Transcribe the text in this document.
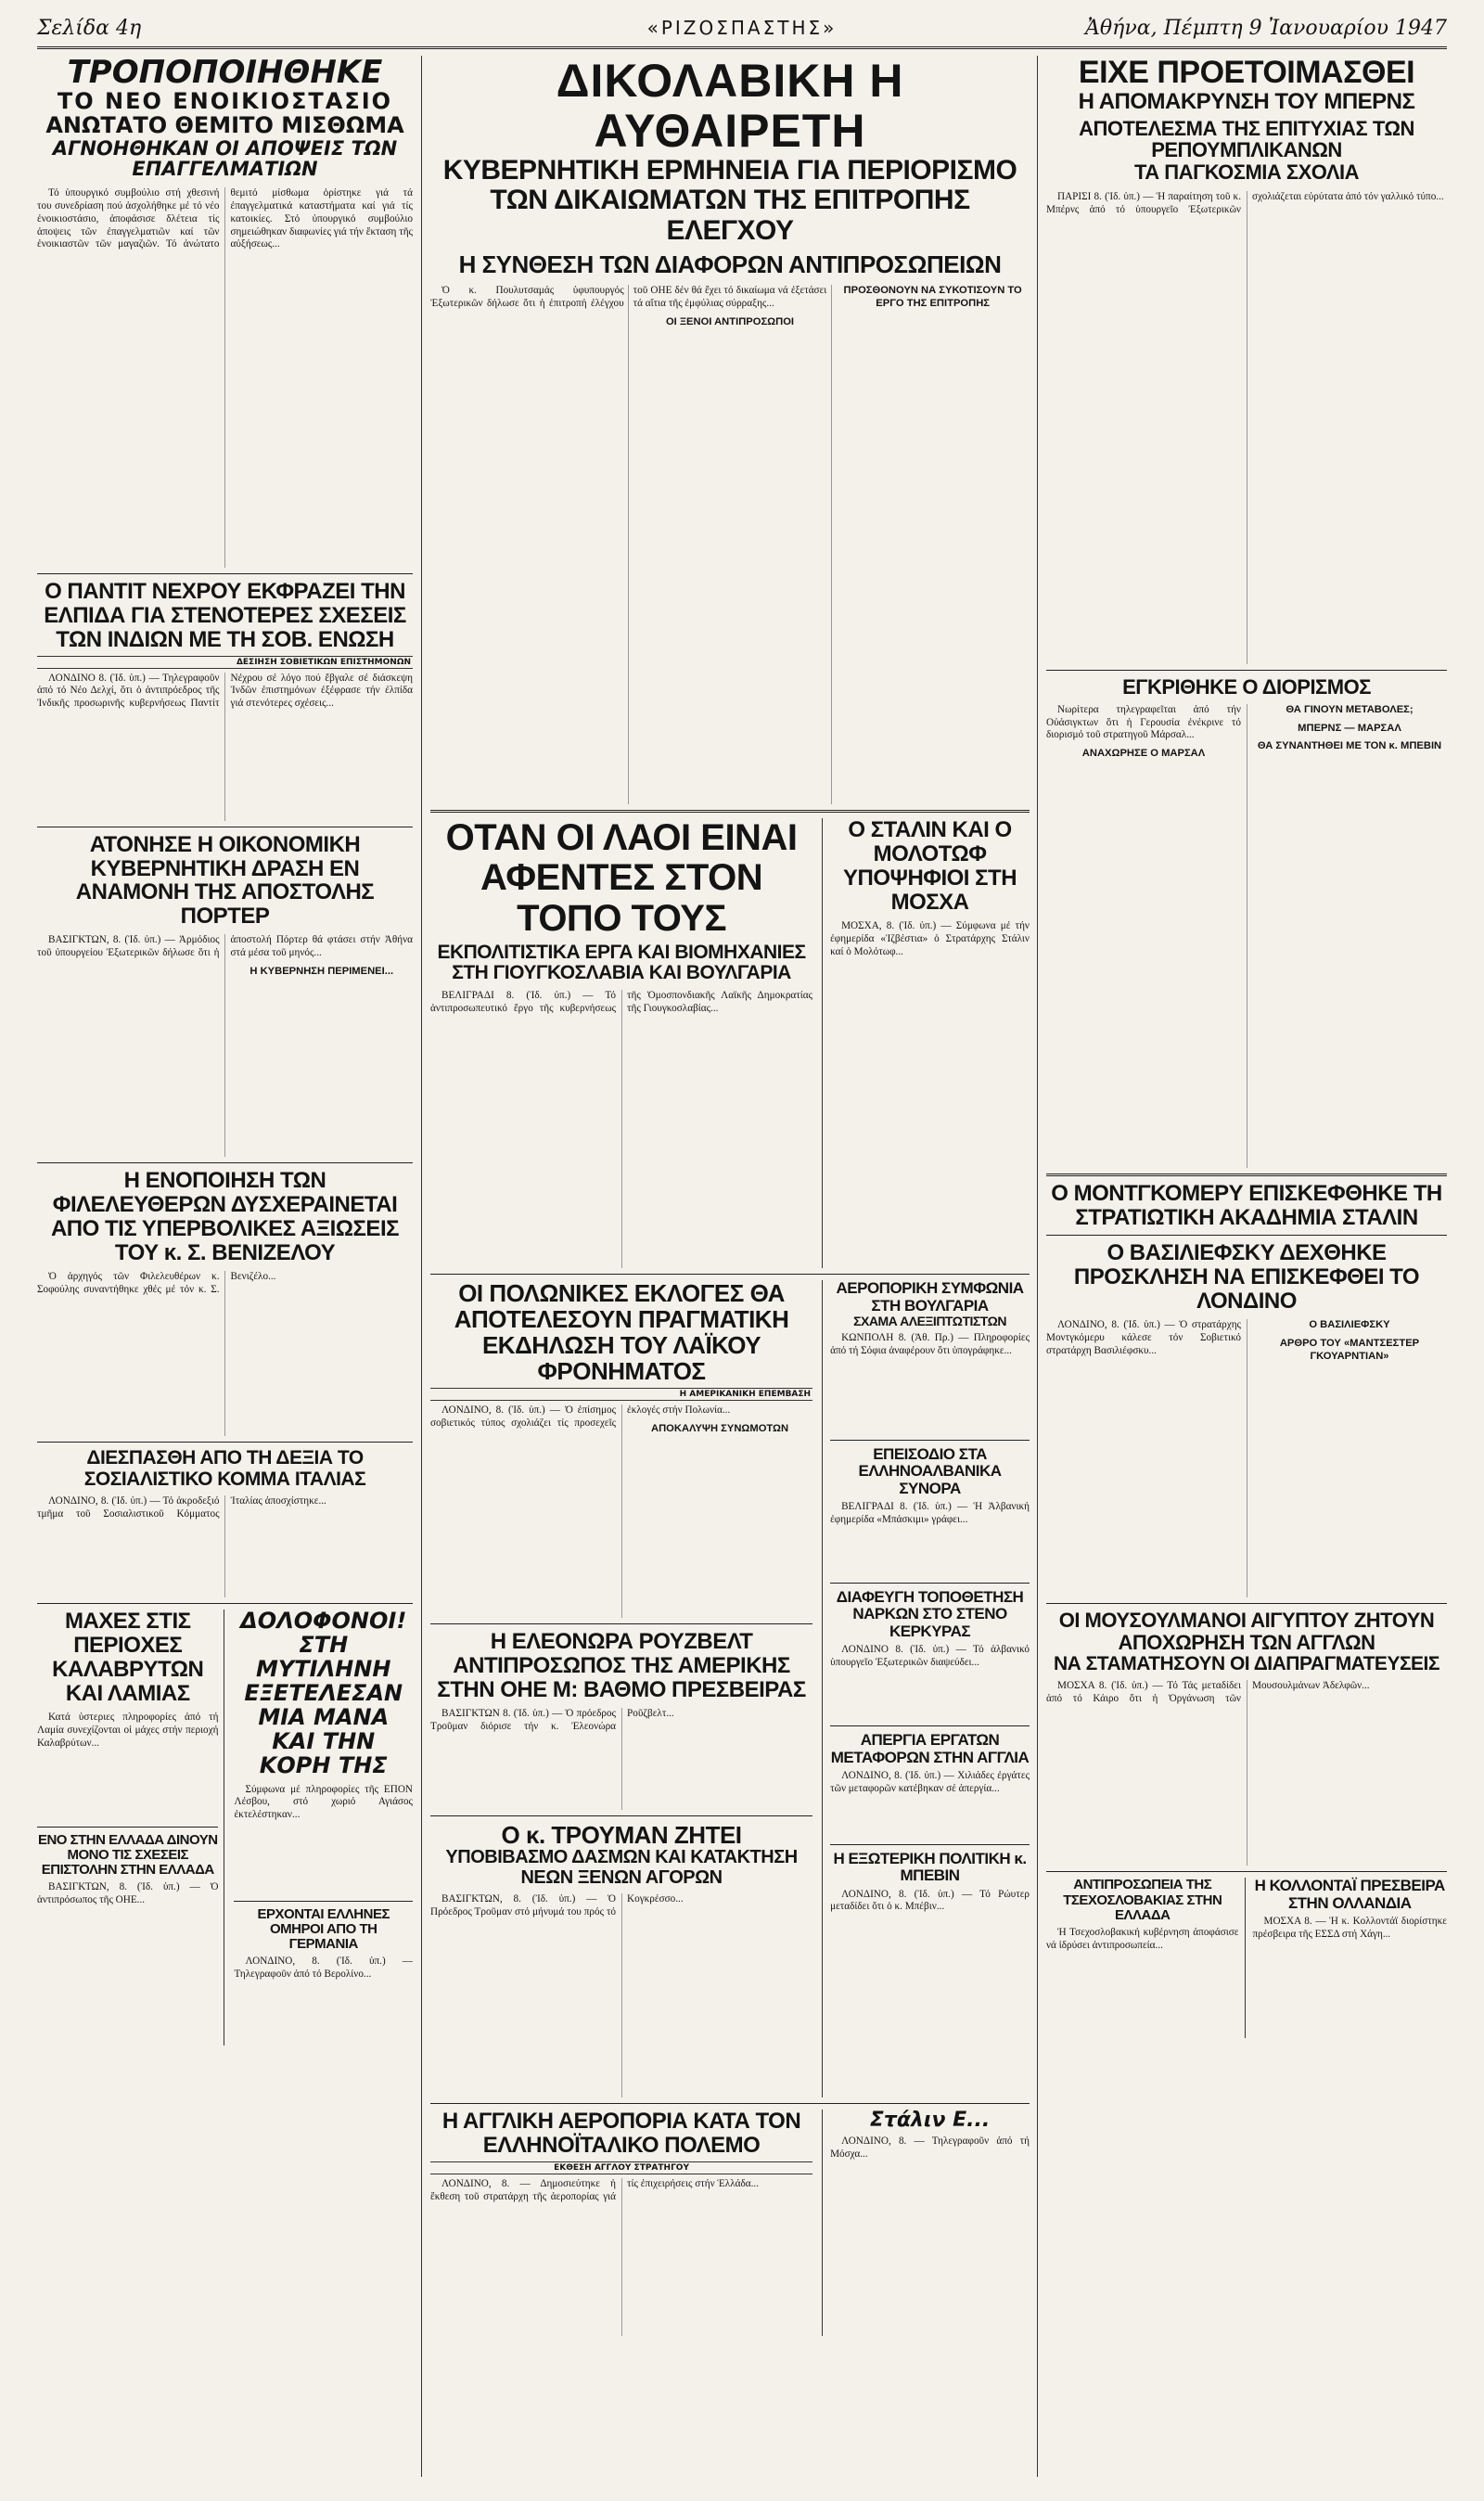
Σελίδα 4η	«ΡΙΖΟΣΠΑΣΤΗΣ»	Ἀθήνα, Πέμπτη 9 Ἰανουαρίου 1947
ΤΡΟΠΟΠΟΙΗΘΗΚΕ
ΤΟ ΝΕΟ ΕΝΟΙΚΙΟΣΤΑΣΙΟ
ΑΝΩΤΑΤΟ ΘΕΜΙΤΟ ΜΙΣΘΩΜΑ
ΑΓΝΟΗΘΗΚΑΝ ΟΙ ΑΠΟΨΕΙΣ ΤΩΝ ΕΠΑΓΓΕΛΜΑΤΙΩΝ

Τό ὑπουργικό συμβούλιο στή χθεσινή του συνεδρίαση πού ἀσχολήθηκε μέ τό νέο ἐνοικιοστάσιο, ἀποφάσισε δλέτεια τίς ἀποψεις τῶν ἐπαγγελματιῶν καί τῶν ἐνοικιαστῶν τῶν μαγαζιῶν. Τό ἀνώτατο θεμιτό μίσθωμα ὁρίστηκε γιά τά ἐπαγγελματικά καταστήματα καί γιά τίς κατοικίες. Στό ὑπουργικό συμβούλιο σημειώθηκαν διαφωνίες γιά τήν ἔκταση τῆς αὐξήσεως...

Ο ΠΑΝΤΙΤ ΝΕΧΡΟΥ ΕΚΦΡΑΖΕΙ ΤΗΝ ΕΛΠΙΔΑ ΓΙΑ ΣΤΕΝΟΤΕΡΕΣ ΣΧΕΣΕΙΣ ΤΩΝ ΙΝΔΙΩΝ ΜΕ ΤΗ ΣΟΒ. ΕΝΩΣΗ
ΔΕΣΙΗΣΗ ΣΟΒΙΕΤΙΚΩΝ ΕΠΙΣΤΗΜΟΝΩΝ

ΛΟΝΔΙΝΟ 8. (Ἰδ. ὑπ.) — Τηλεγραφοῦν ἀπό τό Νέο Δελχί, ὅτι ὁ ἀντιπρόεδρος τῆς Ἰνδικῆς προσωρινῆς κυβερνήσεως Παντίτ Νέχρου σέ λόγο πού ἔβγαλε σέ διάσκεψη Ἰνδῶν ἐπιστημόνων ἐξέφρασε τήν ἐλπίδα γιά στενότερες σχέσεις...

ΑΤΟΝΗΣΕ Η ΟΙΚΟΝΟΜΙΚΗ ΚΥΒΕΡΝΗΤΙΚΗ ΔΡΑΣΗ ΕΝ ΑΝΑΜΟΝΗ ΤΗΣ ΑΠΟΣΤΟΛΗΣ ΠΟΡΤΕΡ

ΒΑΣΙΓΚΤΩΝ, 8. (Ἰδ. ὑπ.) — Ἁρμόδιος τοῦ ὑπουργείου Ἐξωτερικῶν δήλωσε ὅτι ἡ ἀποστολή Πόρτερ θά φτάσει στήν Ἀθήνα στά μέσα τοῦ μηνός...

Η ΚΥΒΕΡΝΗΣΗ ΠΕΡΙΜΕΝΕΙ...

Η ΕΝΟΠΟΙΗΣΗ ΤΩΝ ΦΙΛΕΛΕΥΘΕΡΩΝ ΔΥΣΧΕΡΑΙΝΕΤΑΙ ΑΠΟ ΤΙΣ ΥΠΕΡΒΟΛΙΚΕΣ ΑΞΙΩΣΕΙΣ ΤΟΥ κ. Σ. ΒΕΝΙΖΕΛΟΥ

Ὁ ἀρχηγός τῶν Φιλελευθέρων κ. Σοφούλης συναντήθηκε χθές μέ τόν κ. Σ. Βενιζέλο...

ΔΙΕΣΠΑΣΘΗ ΑΠΟ ΤΗ ΔΕΞΙΑ ΤΟ ΣΟΣΙΑΛΙΣΤΙΚΟ ΚΟΜΜΑ ΙΤΑΛΙΑΣ

ΛΟΝΔΙΝΟ, 8. (Ἰδ. ὑπ.) — Τό ἀκροδεξιό τμῆμα τοῦ Σοσιαλιστικοῦ Κόμματος Ἰταλίας ἀποσχίστηκε...

ΜΑΧΕΣ ΣΤΙΣ ΠΕΡΙΟΧΕΣ ΚΑΛΑΒΡΥΤΩΝ ΚΑΙ ΛΑΜΙΑΣ

Κατά ὑστεριες πληροφορίες ἀπό τή Λαμία συνεχίζονται οἱ μάχες στήν περιοχή Καλαβρύτων...

ΕΝΟ ΣΤΗΝ ΕΛΛΑΔΑ ΔΙΝΟΥΝ ΜΟΝΟ ΤΙΣ ΣΧΕΣΕΙΣ ΕΠΙΣΤΟΛΗΝ ΣΤΗΝ ΕΛΛΑΔΑ

ΒΑΣΙΓΚΤΩΝ, 8. (Ἰδ. ὑπ.) — Ὁ ἀντιπρόσωπος τῆς ΟΗΕ...

ΔΟΛΟΦΟΝΟΙ! ΣΤΗ ΜΥΤΙΛΗΝΗ ΕΞΕΤΕΛΕΣΑΝ ΜΙΑ ΜΑΝΑ ΚΑΙ ΤΗΝ ΚΟΡΗ ΤΗΣ

Σύμφωνα μέ πληροφορίες τῆς ΕΠΟΝ Λέσβου, στό χωριό Αγιάσος ἐκτελέστηκαν...

ΕΡΧΟΝΤΑΙ ΕΛΛΗΝΕΣ ΟΜΗΡΟΙ ΑΠΟ ΤΗ ΓΕΡΜΑΝΙΑ

ΛΟΝΔΙΝΟ, 8. (Ἰδ. ὑπ.) — Τηλεγραφοῦν ἀπό τό Βερολίνο...

ΔΙΚΟΛΑΒΙΚΗ Η ΑΥΘΑΙΡΕΤΗ
ΚΥΒΕΡΝΗΤΙΚΗ ΕΡΜΗΝΕΙΑ ΓΙΑ ΠΕΡΙΟΡΙΣΜΟ ΤΩΝ ΔΙΚΑΙΩΜΑΤΩΝ ΤΗΣ ΕΠΙΤΡΟΠΗΣ ΕΛΕΓΧΟΥ
Η ΣΥΝΘΕΣΗ ΤΩΝ ΔΙΑΦΟΡΩΝ ΑΝΤΙΠΡΟΣΩΠΕΙΩΝ

Ὁ κ. Πουλυτσαμάς ὑφυπουργός Ἐξωτερικῶν δήλωσε ὅτι ἡ ἐπιτροπή ἐλέγχου τοῦ ΟΗΕ δέν θά ἔχει τό δικαίωμα νά ἐξετάσει τά αἴτια τῆς ἐμφύλιας σύρραξης...

ΟΙ ΞΕΝΟΙ ΑΝΤΙΠΡΟΣΩΠΟΙ

ΠΡΟΣΘΟΝΟΥΝ ΝΑ ΣΥΚΟΤΙΣΟΥΝ ΤΟ ΕΡΓΟ ΤΗΣ ΕΠΙΤΡΟΠΗΣ

ΟΤΑΝ ΟΙ ΛΑΟΙ ΕΙΝΑΙ ΑΦΕΝΤΕΣ ΣΤΟΝ ΤΟΠΟ ΤΟΥΣ
ΕΚΠΟΛΙΤΙΣΤΙΚΑ ΕΡΓΑ ΚΑΙ ΒΙΟΜΗΧΑΝΙΕΣ ΣΤΗ ΓΙΟΥΓΚΟΣΛΑΒΙΑ ΚΑΙ ΒΟΥΛΓΑΡΙΑ

ΒΕΛΙΓΡΑΔΙ 8. (Ἰδ. ὑπ.) — Τό ἀντιπροσωπευτικό ἔργο τῆς κυβερνήσεως τῆς Ὁμοσπονδιακῆς Λαϊκῆς Δημοκρατίας τῆς Γιουγκοσλαβίας...

Ο ΣΤΑΛΙΝ ΚΑΙ Ο ΜΟΛΟΤΩΦ ΥΠΟΨΗΦΙΟΙ ΣΤΗ ΜΟΣΧΑ

ΜΟΣΧΑ, 8. (Ἰδ. ὑπ.) — Σύμφωνα μέ τήν ἐφημερίδα «Ἰζβέστια» ὁ Στρατάρχης Στάλιν καί ὁ Μολότωφ...

ΟΙ ΠΟΛΩΝΙΚΕΣ ΕΚΛΟΓΕΣ ΘΑ ΑΠΟΤΕΛΕΣΟΥΝ ΠΡΑΓΜΑΤΙΚΗ ΕΚΔΗΛΩΣΗ ΤΟΥ ΛΑΪΚΟΥ ΦΡΟΝΗΜΑΤΟΣ
Η ΑΜΕΡΙΚΑΝΙΚΗ ΕΠΕΜΒΑΣΗ

ΛΟΝΔΙΝΟ, 8. (Ἰδ. ὑπ.) — Ὁ ἐπίσημος σοβιετικός τύπος σχολιάζει τίς προσεχεῖς ἐκλογές στήν Πολωνία...

ΑΠΟΚΑΛΥΨΗ ΣΥΝΩΜΟΤΩΝ

Η ΕΛΕΟΝΩΡΑ ΡΟΥΖΒΕΛΤ ΑΝΤΙΠΡΟΣΩΠΟΣ ΤΗΣ ΑΜΕΡΙΚΗΣ ΣΤΗΝ ΟΗΕ Μ: ΒΑΘΜΟ ΠΡΕΣΒΕΙΡΑΣ

ΒΑΣΙΓΚΤΩΝ 8. (Ἰδ. ὑπ.) — Ὁ πρόεδρος Τροῦμαν διόρισε τήν κ. Ἐλεονώρα Ροῦζβελτ...

Ο κ. ΤΡΟΥΜΑΝ ΖΗΤΕΙ
ΥΠΟΒΙΒΑΣΜΟ ΔΑΣΜΩΝ ΚΑΙ ΚΑΤΑΚΤΗΣΗ ΝΕΩΝ ΞΕΝΩΝ ΑΓΟΡΩΝ

ΒΑΣΙΓΚΤΩΝ, 8. (Ἰδ. ὑπ.) — Ὁ Πρόεδρος Τροῦμαν στό μήνυμά του πρός τό Κογκρέσσο...

ΑΕΡΟΠΟΡΙΚΗ ΣΥΜΦΩΝΙΑ ΣΤΗ ΒΟΥΛΓΑΡΙΑ
ΣΧΑΜΑ ΑΛΕΞΙΠΤΩΤΙΣΤΩΝ

ΚΩΝΠΟΛΗ 8. (Ἀθ. Πρ.) — Πληροφορίες ἀπό τή Σόφια ἀναφέρουν ὅτι ὑπογράφηκε...

ΕΠΕΙΣΟΔΙΟ ΣΤΑ ΕΛΛΗΝΟΑΛΒΑΝΙΚΑ ΣΥΝΟΡΑ

ΒΕΛΙΓΡΑΔΙ 8. (Ἰδ. ὑπ.) — Ἡ Ἀλβανική ἐφημερίδα «Μπάσκιμι» γράφει...

ΔΙΑΦΕΥΓΗ ΤΟΠΟΘΕΤΗΣΗ ΝΑΡΚΩΝ ΣΤΟ ΣΤΕΝΟ ΚΕΡΚΥΡΑΣ

ΛΟΝΔΙΝΟ 8. (Ἰδ. ὑπ.) — Τό ἀλβανικό ὑπουργεῖο Ἐξωτερικῶν διαψεύδει...

ΑΠΕΡΓΙΑ ΕΡΓΑΤΩΝ ΜΕΤΑΦΟΡΩΝ ΣΤΗΝ ΑΓΓΛΙΑ

ΛΟΝΔΙΝΟ, 8. (Ἰδ. ὑπ.) — Χιλιάδες ἐργάτες τῶν μεταφορῶν κατέβηκαν σέ ἀπεργία...

Η ΕΞΩΤΕΡΙΚΗ ΠΟΛΙΤΙΚΗ κ. ΜΠΕΒΙΝ

ΛΟΝΔΙΝΟ, 8. (Ἰδ. ὑπ.) — Τό Ρώυτερ μεταδίδει ὅτι ὁ κ. Μπέβιν...

Η ΑΓΓΛΙΚΗ ΑΕΡΟΠΟΡΙΑ ΚΑΤΑ ΤΟΝ ΕΛΛΗΝΟΪΤΑΛΙΚΟ ΠΟΛΕΜΟ
ΕΚΘΕΣΗ ΑΓΓΛΟΥ ΣΤΡΑΤΗΓΟΥ

ΛΟΝΔΙΝΟ, 8. — Δημοσιεύτηκε ἡ ἔκθεση τοῦ στρατάρχη τῆς ἀεροπορίας γιά τίς ἐπιχειρήσεις στήν Ἑλλάδα...

Στάλιν Ε...

ΛΟΝΔΙΝΟ, 8. — Τηλεγραφοῦν ἀπό τή Μόσχα...

ΕΙΧΕ ΠΡΟΕΤΟΙΜΑΣΘΕΙ
Η ΑΠΟΜΑΚΡΥΝΣΗ ΤΟΥ ΜΠΕΡΝΣ
ΑΠΟΤΕΛΕΣΜΑ ΤΗΣ ΕΠΙΤΥΧΙΑΣ ΤΩΝ ΡΕΠΟΥΜΠΛΙΚΑΝΩΝ
ΤΑ ΠΑΓΚΟΣΜΙΑ ΣΧΟΛΙΑ

ΠΑΡΙΣΙ 8. (Ἰδ. ὑπ.) — Ἡ παραίτηση τοῦ κ. Μπέρνς ἀπό τό ὑπουργεῖο Ἐξωτερικῶν σχολιάζεται εὐρύτατα ἀπό τόν γαλλικό τύπο...

ΕΓΚΡΙΘΗΚΕ Ο ΔΙΟΡΙΣΜΟΣ

Νωρίτερα τηλεγραφεῖται ἀπό τήν Οὐάσιγκτων ὅτι ἡ Γερουσία ἐνέκρινε τό διορισμό τοῦ στρατηγοῦ Μάρσαλ...

ΑΝΑΧΩΡΗΣΕ Ο ΜΑΡΣΑΛ

ΘΑ ΓΙΝΟΥΝ ΜΕΤΑΒΟΛΕΣ;

ΜΠΕΡΝΣ — ΜΑΡΣΑΛ

ΘΑ ΣΥΝΑΝΤΗΘΕΙ ΜΕ ΤΟΝ κ. ΜΠΕΒΙΝ

Ο ΜΟΝΤΓΚΟΜΕΡΥ ΕΠΙΣΚΕΦΘΗΚΕ ΤΗ ΣΤΡΑΤΙΩΤΙΚΗ ΑΚΑΔΗΜΙΑ ΣΤΑΛΙΝ
Ο ΒΑΣΙΛΙΕΦΣΚΥ ΔΕΧΘΗΚΕ ΠΡΟΣΚΛΗΣΗ ΝΑ ΕΠΙΣΚΕΦΘΕΙ ΤΟ ΛΟΝΔΙΝΟ

ΛΟΝΔΙΝΟ, 8. (Ἰδ. ὑπ.) — Ὁ στρατάρχης Μοντγκόμερυ κάλεσε τόν Σοβιετικό στρατάρχη Βασιλιέφσκυ...

Ο ΒΑΣΙΛΙΕΦΣΚΥ

ΑΡΘΡΟ ΤΟΥ «ΜΑΝΤΣΕΣΤΕΡ ΓΚΟΥΑΡΝΤΙΑΝ»

ΟΙ ΜΟΥΣΟΥΛΜΑΝΟΙ ΑΙΓΥΠΤΟΥ ΖΗΤΟΥΝ ΑΠΟΧΩΡΗΣΗ ΤΩΝ ΑΓΓΛΩΝ
ΝΑ ΣΤΑΜΑΤΗΣΟΥΝ ΟΙ ΔΙΑΠΡΑΓΜΑΤΕΥΣΕΙΣ

ΜΟΣΧΑ 8. (Ἰδ. ὑπ.) — Τό Τάς μεταδίδει ἀπό τό Κάιρο ὅτι ἡ Ὀργάνωση τῶν Μουσουλμάνων Ἀδελφῶν...

ΑΝΤΙΠΡΟΣΩΠΕΙΑ ΤΗΣ ΤΣΕΧΟΣΛΟΒΑΚΙΑΣ ΣΤΗΝ ΕΛΛΑΔΑ

Ἡ Τσεχοσλοβακική κυβέρνηση ἀποφάσισε νά ἱδρύσει ἀντιπροσωπεία...

Η ΚΟΛΛΟΝΤΑΪ ΠΡΕΣΒΕΙΡΑ ΣΤΗΝ ΟΛΛΑΝΔΙΑ

ΜΟΣΧΑ 8. — Ἡ κ. Κολλοντάϊ διορίστηκε πρέσβειρα τῆς ΕΣΣΔ στή Χάγη...
